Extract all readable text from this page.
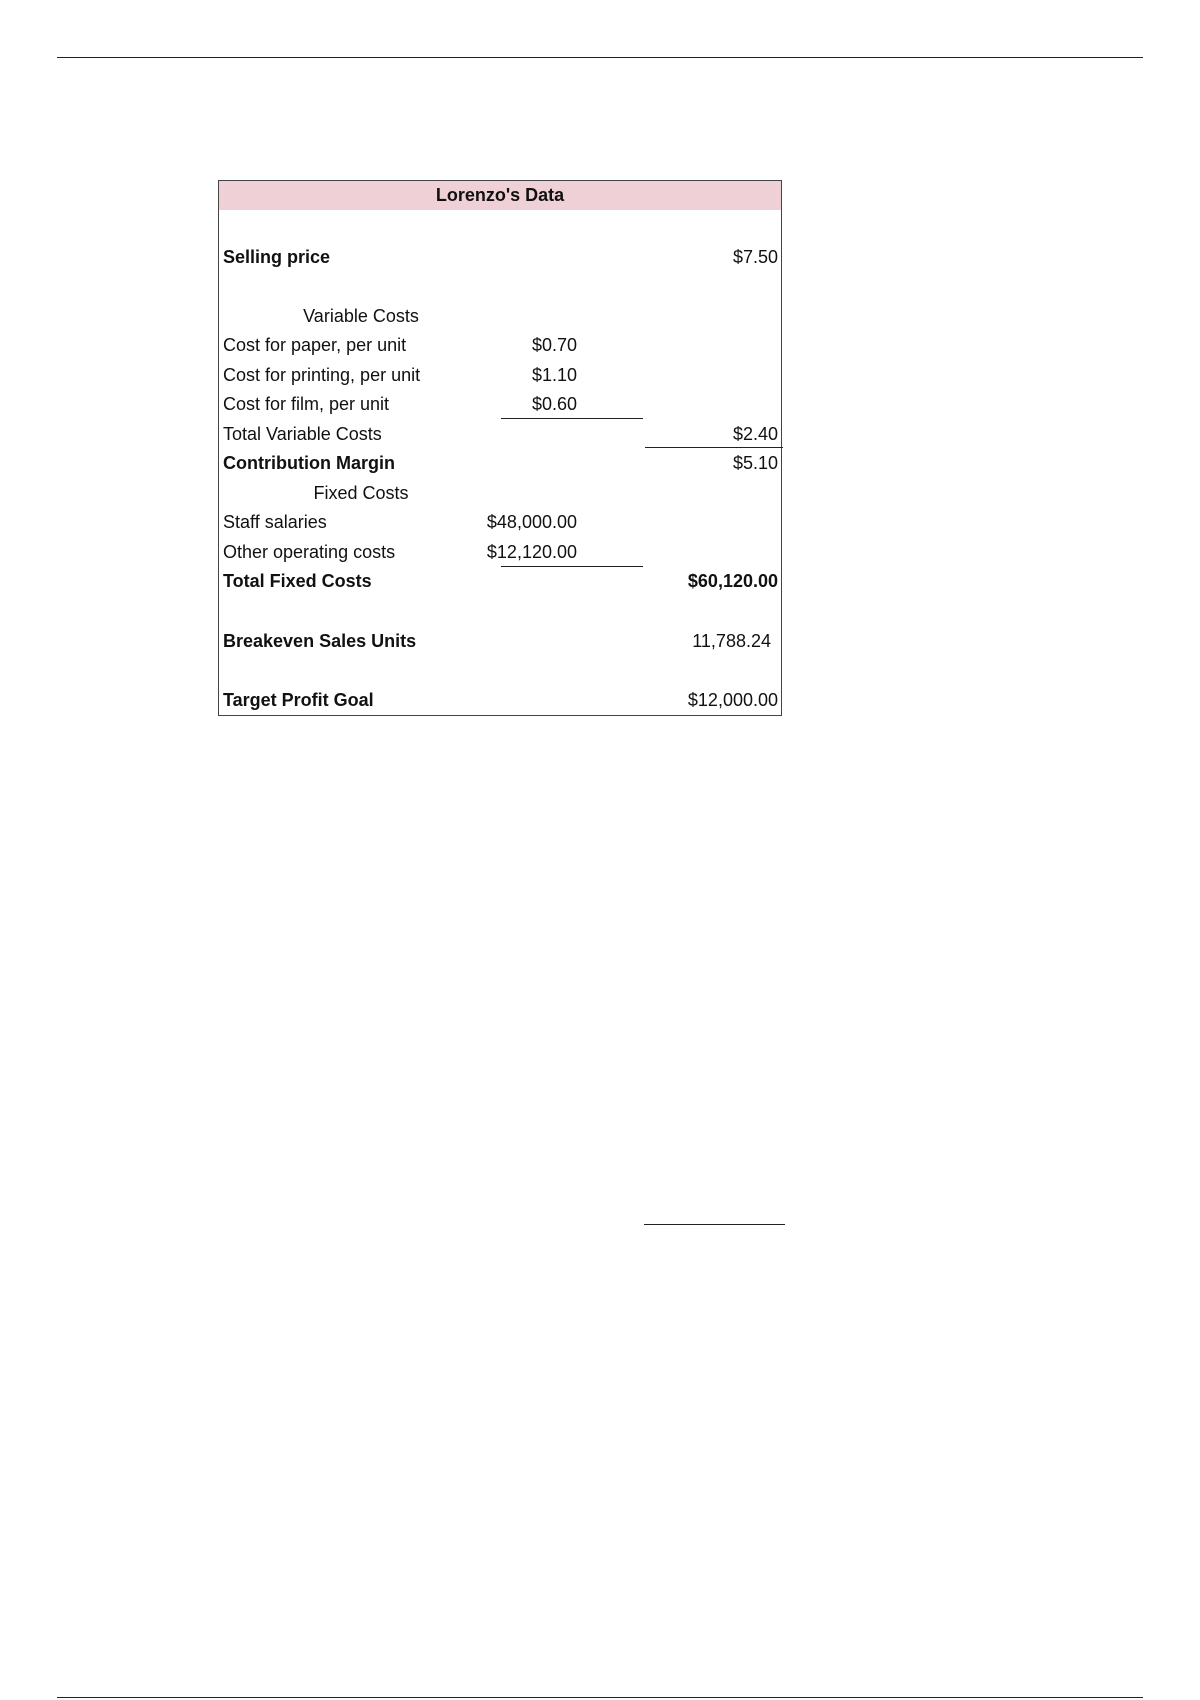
Lorenzo's Data
Selling price	$7.50
Variable Costs
Cost for paper, per unit	$0.70
Cost for printing, per unit	$1.10
Cost for film, per unit	$0.60
Total Variable Costs	$2.40
Contribution Margin	$5.10
Fixed Costs
Staff salaries	$48,000.00
Other operating costs	$12,120.00
Total Fixed Costs	$60,120.00
Breakeven Sales Units	11,788.24
Target Profit Goal	$12,000.00
